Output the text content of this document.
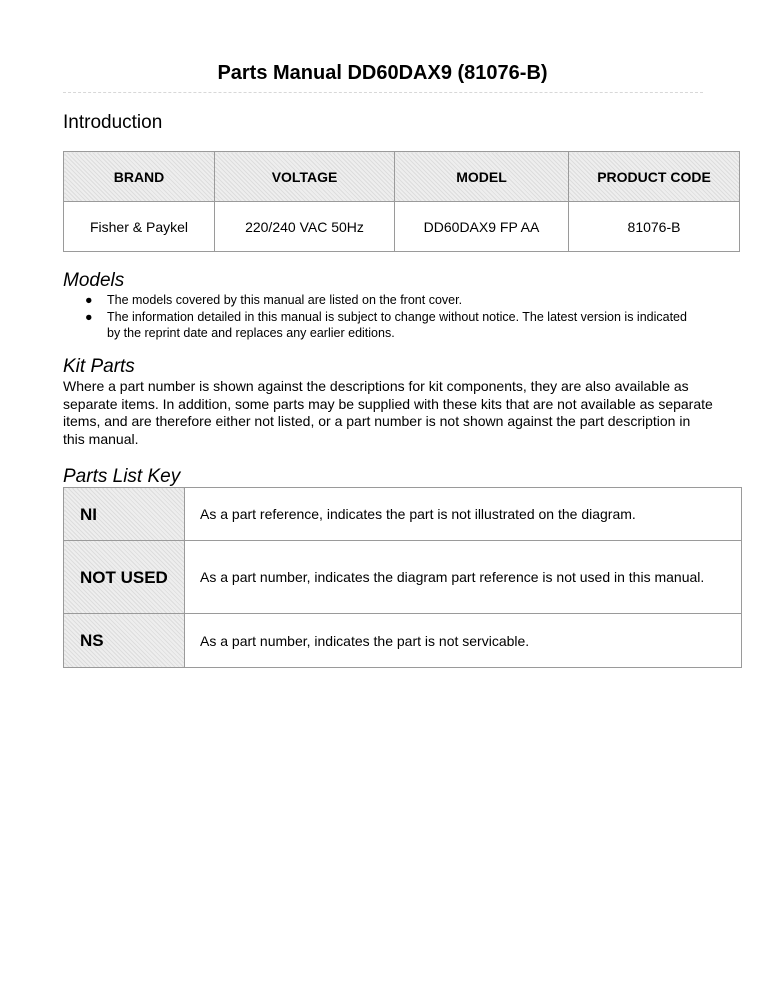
Parts Manual DD60DAX9 (81076-B)
Introduction
BRAND	VOLTAGE	MODEL	PRODUCT CODE
Fisher & Paykel	220/240 VAC 50Hz	DD60DAX9 FP AA	81076-B
Models
● The models covered by this manual are listed on the front cover.
● The information detailed in this manual is subject to change without notice. The latest version is indicated by the reprint date and replaces any earlier editions.
Kit Parts
Where a part number is shown against the descriptions for kit components, they are also available as separate items. In addition, some parts may be supplied with these kits that are not available as separate items, and are therefore either not listed, or a part number is not shown against the part description in this manual.
Parts List Key
NI	As a part reference, indicates the part is not illustrated on the diagram.
NOT USED	As a part number, indicates the diagram part reference is not used in this manual.
NS	As a part number, indicates the part is not servicable.
